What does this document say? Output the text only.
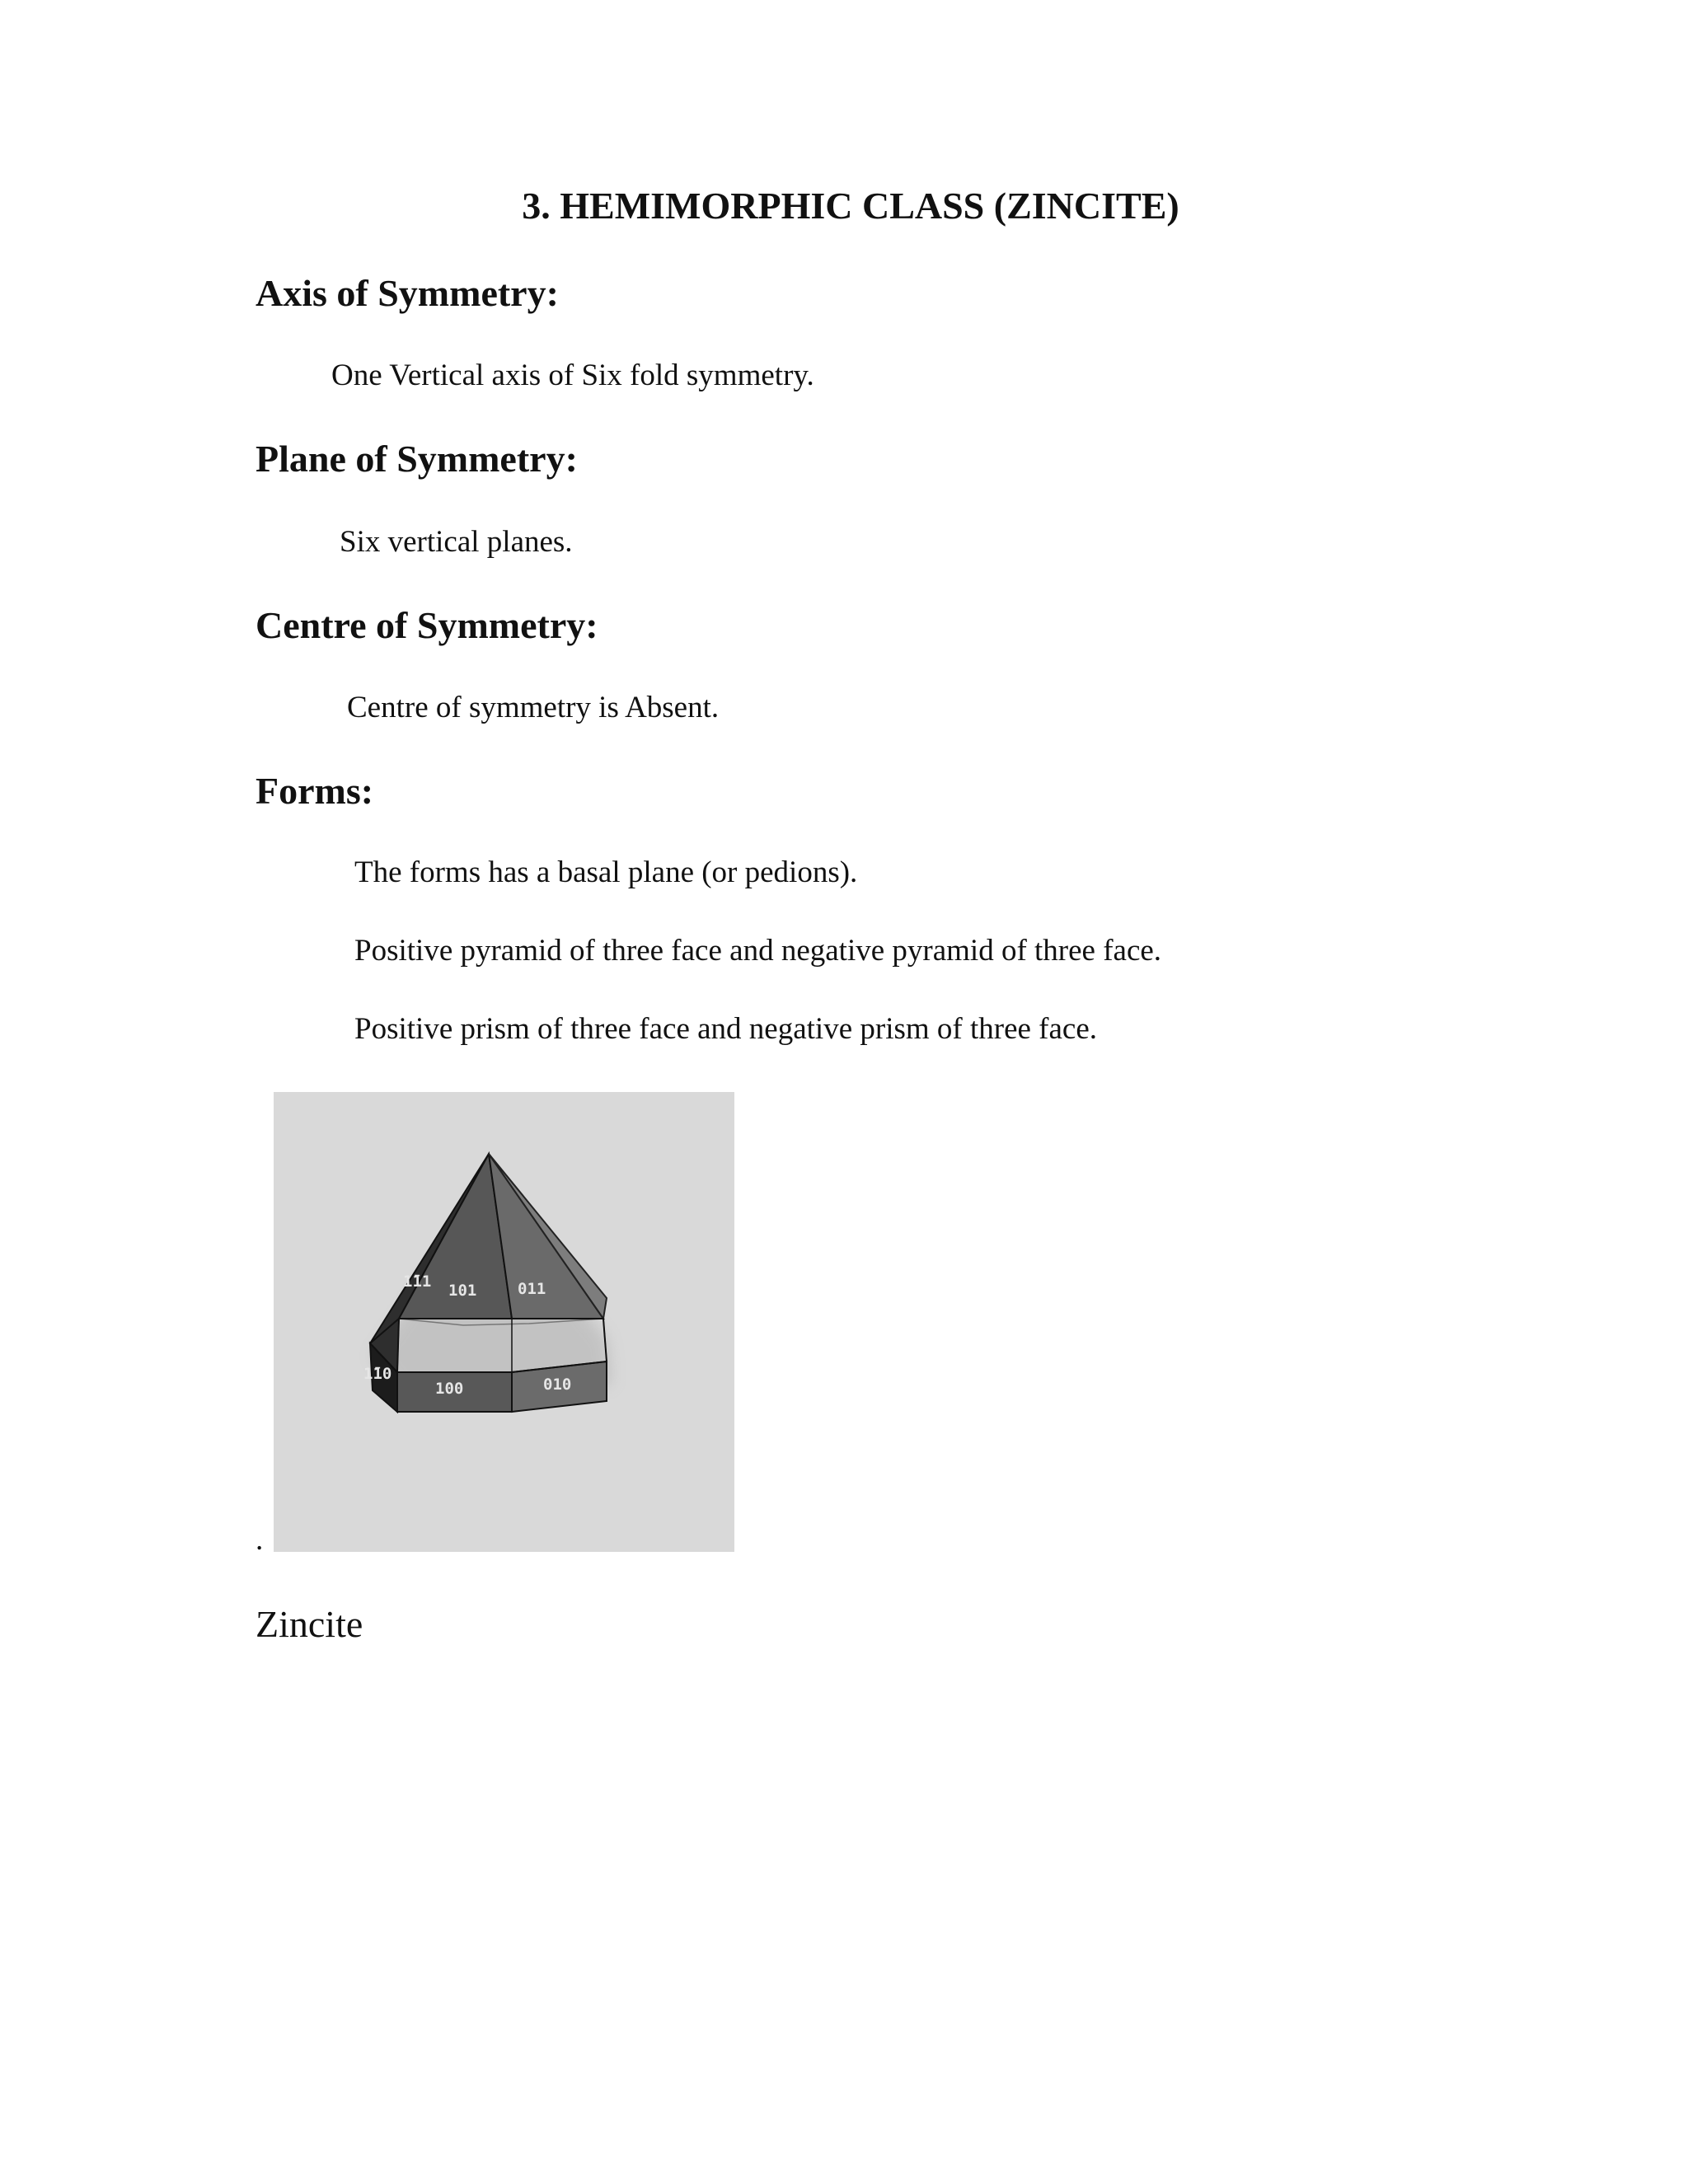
3. HEMIMORPHIC CLASS (ZINCITE)
Axis of Symmetry:

One Vertical axis of Six fold symmetry.

Plane of Symmetry:

Six vertical planes.

Centre of Symmetry:

Centre of symmetry is Absent.

Forms:

The forms has a basal plane (or pedions).

Positive pyramid of three face and negative pyramid of three face.

Positive prism of three face and negative prism of three face.

1̄11 101	011
1̄10
100	010
.

Zincite
